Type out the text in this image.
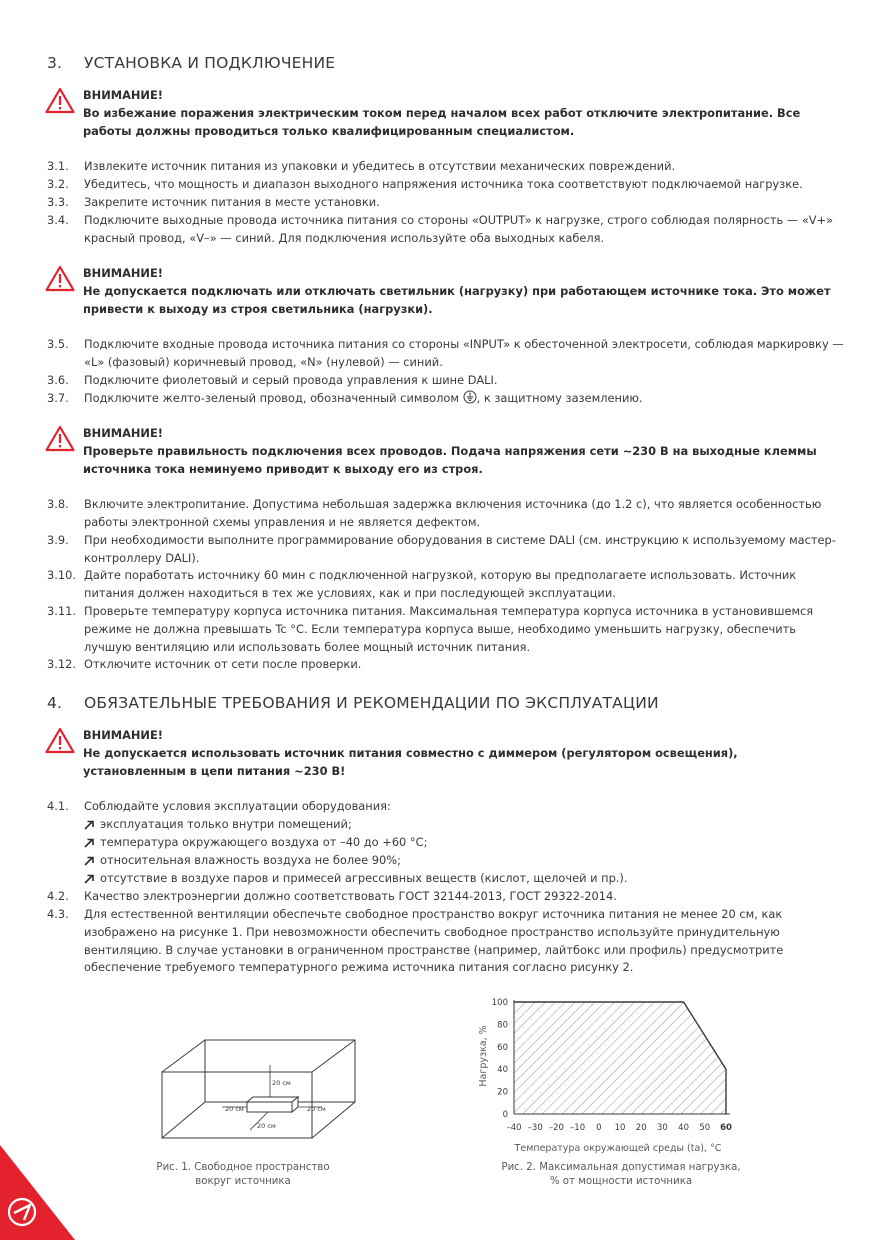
3. УСТАНОВКА И ПОДКЛЮЧЕНИЕ
ВНИМАНИЕ!
Во избежание поражения электрическим током перед началом всех работ отключите электропитание. Все работы должны проводиться только квалифицированным специалистом.
3.1. Извлеките источник питания из упаковки и убедитесь в отсутствии механических повреждений.
3.2. Убедитесь, что мощность и диапазон выходного напряжения источника тока соответствуют подключаемой нагрузке.
3.3. Закрепите источник питания в месте установки.
3.4. Подключите выходные провода источника питания со стороны «OUTPUT» к нагрузке, строго соблюдая полярность — «V+» красный провод, «V–» — синий. Для подключения используйте оба выходных кабеля.
ВНИМАНИЕ!
Не допускается подключать или отключать светильник (нагрузку) при работающем источнике тока. Это может привести к выходу из строя светильника (нагрузки).
3.5. Подключите входные провода источника питания со стороны «INPUT» к обесточенной электросети, соблюдая маркировку — «L» (фазовый) коричневый провод, «N» (нулевой) — синий.
3.6. Подключите фиолетовый и серый провода управления к шине DALI.
3.7. Подключите желто-зеленый провод, обозначенный символом , к защитному заземлению.
ВНИМАНИЕ!
Проверьте правильность подключения всех проводов. Подача напряжения сети ~230 В на выходные клеммы источника тока неминуемо приводит к выходу его из строя.
3.8. Включите электропитание. Допустима небольшая задержка включения источника (до 1.2 с), что является особенностью работы электронной схемы управления и не является дефектом.
3.9. При необходимости выполните программирование оборудования в системе DALI (см. инструкцию к используемому мастер-контроллеру DALI).
3.10. Дайте поработать источнику 60 мин с подключенной нагрузкой, которую вы предполагаете использовать. Источник питания должен находиться в тех же условиях, как и при последующей эксплуатации.
3.11. Проверьте температуру корпуса источника питания. Максимальная температура корпуса источника в установившемся режиме не должна превышать Tc °C. Если температура корпуса выше, необходимо уменьшить нагрузку, обеспечить лучшую вентиляцию или использовать более мощный источник питания.
3.12. Отключите источник от сети после проверки.
4. ОБЯЗАТЕЛЬНЫЕ ТРЕБОВАНИЯ И РЕКОМЕНДАЦИИ ПО ЭКСПЛУАТАЦИИ
ВНИМАНИЕ!
Не допускается использовать источник питания совместно с диммером (регулятором освещения), установленным в цепи питания ~230 В!
4.1. Соблюдайте условия эксплуатации оборудования:
эксплуатация только внутри помещений;
температура окружающего воздуха от –40 до +60 °C;
относительная влажность воздуха не более 90%;
отсутствие в воздухе паров и примесей агрессивных веществ (кислот, щелочей и пр.).
4.2. Качество электроэнергии должно соответствовать ГОСТ 32144-2013, ГОСТ 29322-2014.
4.3. Для естественной вентиляции обеспечьте свободное пространство вокруг источника питания не менее 20 см, как изображено на рисунке 1. При невозможности обеспечить свободное пространство используйте принудительную вентиляцию. В случае установки в ограниченном пространстве (например, лайтбокс или профиль) предусмотрите обеспечение требуемого температурного режима источника питания согласно рисунку 2.
20 см
20 см	20 см
20 см
Рис. 1. Свободное пространство
вокруг источника
–40 –30 –20 –10 0 10 20 30 40 50 60
0
20
40
60
80
100
Температура окружающей среды (ta), °C
Нагрузка, %
Рис. 2. Максимальная допустимая нагрузка,
% от мощности источника
